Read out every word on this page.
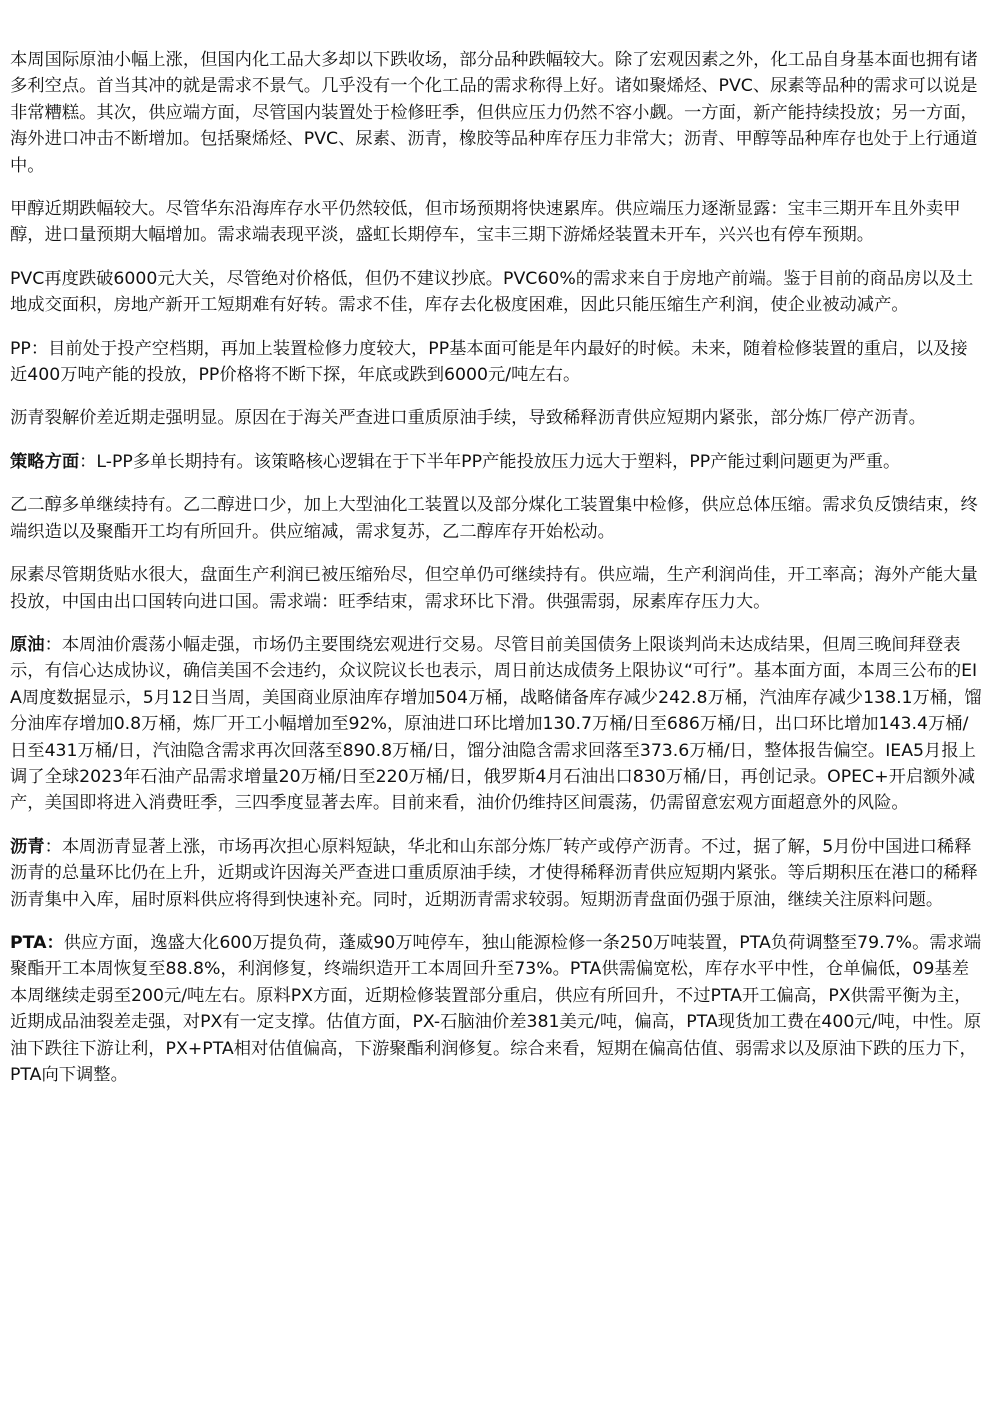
本周国际原油小幅上涨，但国内化工品大多却以下跌收场，部分品种跌幅较大。除了宏观因素之外，化工品自身基本面也拥有诸多利空点。首当其冲的就是需求不景气。几乎没有一个化工品的需求称得上好。诸如聚烯烃、PVC、尿素等品种的需求可以说是非常糟糕。其次，供应端方面，尽管国内装置处于检修旺季，但供应压力仍然不容小觑。一方面，新产能持续投放；另一方面，海外进口冲击不断增加。包括聚烯烃、PVC、尿素、沥青，橡胶等品种库存压力非常大；沥青、甲醇等品种库存也处于上行通道中。

甲醇近期跌幅较大。尽管华东沿海库存水平仍然较低，但市场预期将快速累库。供应端压力逐渐显露：宝丰三期开车且外卖甲醇，进口量预期大幅增加。需求端表现平淡，盛虹长期停车，宝丰三期下游烯烃装置未开车，兴兴也有停车预期。

PVC再度跌破6000元大关，尽管绝对价格低，但仍不建议抄底。PVC60%的需求来自于房地产前端。鉴于目前的商品房以及土地成交面积，房地产新开工短期难有好转。需求不佳，库存去化极度困难，因此只能压缩生产利润，使企业被动减产。

PP：目前处于投产空档期，再加上装置检修力度较大，PP基本面可能是年内最好的时候。未来，随着检修装置的重启，以及接近400万吨产能的投放，PP价格将不断下探，年底或跌到6000元/吨左右。

沥青裂解价差近期走强明显。原因在于海关严查进口重质原油手续，导致稀释沥青供应短期内紧张，部分炼厂停产沥青。

策略方面：L-PP多单长期持有。该策略核心逻辑在于下半年PP产能投放压力远大于塑料，PP产能过剩问题更为严重。

乙二醇多单继续持有。乙二醇进口少，加上大型油化工装置以及部分煤化工装置集中检修，供应总体压缩。需求负反馈结束，终端织造以及聚酯开工均有所回升。供应缩减，需求复苏，乙二醇库存开始松动。

尿素尽管期货贴水很大，盘面生产利润已被压缩殆尽，但空单仍可继续持有。供应端，生产利润尚佳，开工率高；海外产能大量投放，中国由出口国转向进口国。需求端：旺季结束，需求环比下滑。供强需弱，尿素库存压力大。

原油：本周油价震荡小幅走强，市场仍主要围绕宏观进行交易。尽管目前美国债务上限谈判尚未达成结果，但周三晚间拜登表示，有信心达成协议，确信美国不会违约，众议院议长也表示，周日前达成债务上限协议“可行”。基本面方面，本周三公布的EIA周度数据显示，5月12日当周，美国商业原油库存增加504万桶，战略储备库存减少242.8万桶，汽油库存减少138.1万桶，馏分油库存增加0.8万桶，炼厂开工小幅增加至92%，原油进口环比增加130.7万桶/日至686万桶/日，出口环比增加143.4万桶/日至431万桶/日，汽油隐含需求再次回落至890.8万桶/日，馏分油隐含需求回落至373.6万桶/日，整体报告偏空。IEA5月报上调了全球2023年石油产品需求增量20万桶/日至220万桶/日，俄罗斯4月石油出口830万桶/日，再创记录。OPEC+开启额外减产，美国即将进入消费旺季，三四季度显著去库。目前来看，油价仍维持区间震荡，仍需留意宏观方面超意外的风险。

沥青：本周沥青显著上涨，市场再次担心原料短缺，华北和山东部分炼厂转产或停产沥青。不过，据了解，5月份中国进口稀释沥青的总量环比仍在上升，近期或许因海关严查进口重质原油手续，才使得稀释沥青供应短期内紧张。等后期积压在港口的稀释沥青集中入库，届时原料供应将得到快速补充。同时，近期沥青需求较弱。短期沥青盘面仍强于原油，继续关注原料问题。

PTA：供应方面，逸盛大化600万提负荷，蓬威90万吨停车，独山能源检修一条250万吨装置，PTA负荷调整至79.7%。需求端聚酯开工本周恢复至88.8%，利润修复，终端织造开工本周回升至73%。PTA供需偏宽松，库存水平中性，仓单偏低，09基差本周继续走弱至200元/吨左右。原料PX方面，近期检修装置部分重启，供应有所回升，不过PTA开工偏高，PX供需平衡为主，近期成品油裂差走强，对PX有一定支撑。估值方面，PX-石脑油价差381美元/吨，偏高，PTA现货加工费在400元/吨，中性。原油下跌往下游让利，PX+PTA相对估值偏高，下游聚酯利润修复。综合来看，短期在偏高估值、弱需求以及原油下跌的压力下，PTA向下调整。
